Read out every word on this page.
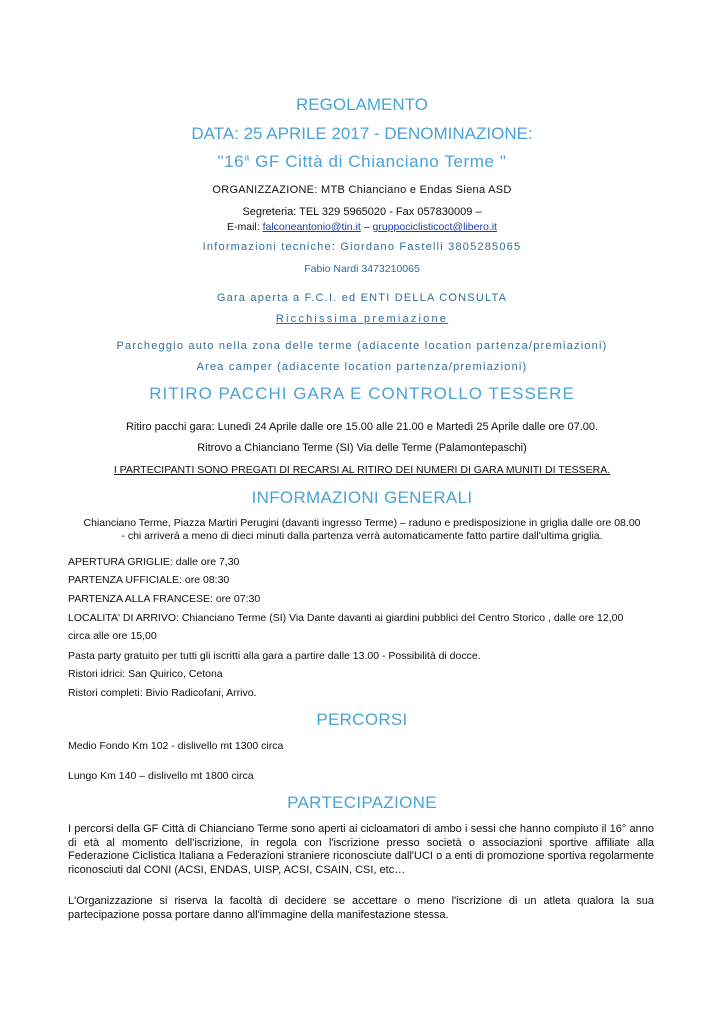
REGOLAMENTO
DATA: 25 APRILE 2017 - DENOMINAZIONE:
"16$^a$ GF Città di Chianciano Terme "
ORGANIZZAZIONE: MTB Chianciano e Endas Siena ASD
Segreteria: TEL 329 5965020 - Fax 057830009 –
E-mail: falconeantonio@tin.it – gruppociclisticoct@libero.it
Informazioni tecniche: Giordano Fastelli 3805285065
Fabio Nardi 3473210065
Gara aperta a F.C.I. ed ENTI DELLA CONSULTA
Ricchissima premiazione
Parcheggio auto nella zona delle terme (adiacente location partenza/premiazioni)
Area camper (adiacente location partenza/premiazioni)
RITIRO PACCHI GARA E CONTROLLO TESSERE
Ritiro pacchi gara: Lunedì 24 Aprile dalle ore 15.00 alle 21.00 e Martedì 25 Aprile dalle ore 07.00.
Ritrovo a Chianciano Terme (SI) Via delle Terme (Palamontepaschi)
I PARTECIPANTI SONO PREGATI DI RECARSI AL RITIRO DEI NUMERI DI GARA MUNITI DI TESSERA.
INFORMAZIONI GENERALI
Chianciano Terme, Piazza Martiri Perugini (davanti ingresso Terme) – raduno e predisposizione in griglia dalle ore 08.00
- chi arriverà a meno di dieci minuti dalla partenza verrà automaticamente fatto partire dall'ultima griglia.
APERTURA GRIGLIE: dalle ore 7,30
PARTENZA UFFICIALE: ore 08:30
PARTENZA ALLA FRANCESE: ore 07:30
LOCALITA' DI ARRIVO: Chianciano Terme (SI) Via Dante davanti ai giardini pubblici del Centro Storico , dalle ore 12,00
circa alle ore 15,00
Pasta party gratuito per tutti gli iscritti alla gara a partire dalle 13.00 - Possibilità di docce.
Ristori idrici: San Quirico, Cetona
Ristori completi: Bivio Radicofani, Arrivo.
PERCORSI
Medio Fondo Km 102 - dislivello mt 1300 circa
Lungo Km 140 – dislivello mt 1800 circa
PARTECIPAZIONE
I percorsi della GF Città di Chianciano Terme sono aperti ai cicloamatori di ambo i sessi che hanno compiuto il 16° anno di età al momento dell'iscrizione, in regola con l'iscrizione presso società o associazioni sportive affiliate alla Federazione Ciclistica Italiana a Federazioni straniere riconosciute dall'UCI o a enti di promozione sportiva regolarmente riconosciuti dal CONI (ACSI, ENDAS, UISP, ACSI, CSAIN, CSI, etc…
L'Organizzazione si riserva la facoltà di decidere se accettare o meno l'iscrizione di un atleta qualora la sua partecipazione possa portare danno all'immagine della manifestazione stessa.
